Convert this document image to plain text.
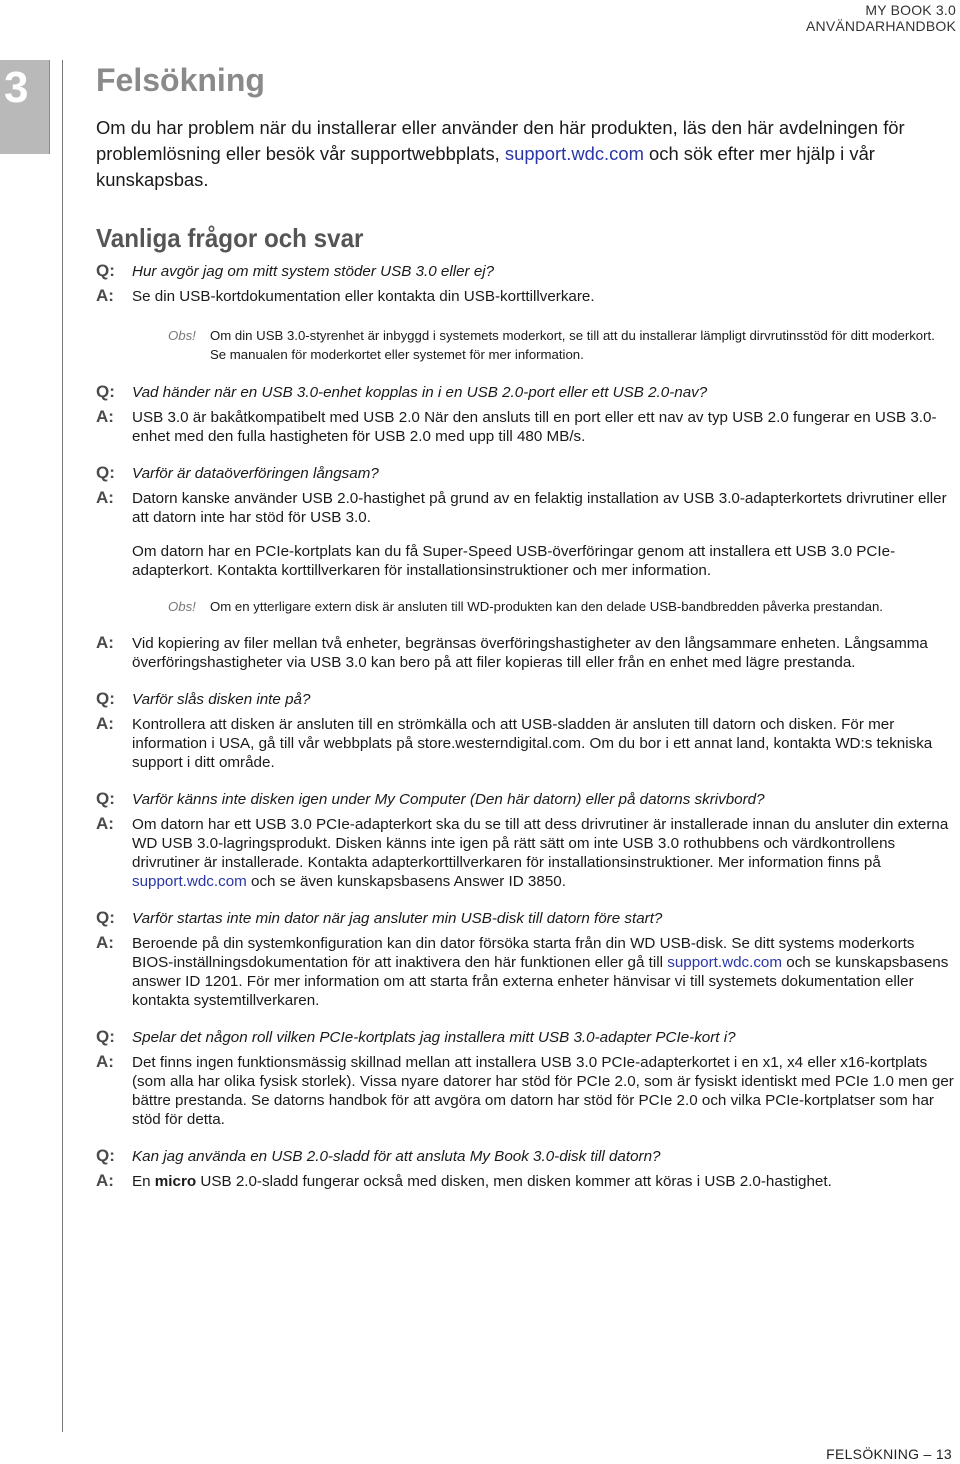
MY BOOK 3.0
ANVÄNDARHANDBOK
3 Felsökning

Om du har problem när du installerar eller använder den här produkten, läs den här avdelningen för problemlösning eller besök vår supportwebbplats, support.wdc.com och sök efter mer hjälp i vår kunskapsbas.

Vanliga frågor och svar
Q: Hur avgör jag om mitt system stöder USB 3.0 eller ej?
A: Se din USB-kortdokumentation eller kontakta din USB-korttillverkare.
Obs! Om din USB 3.0-styrenhet är inbyggd i systemets moderkort, se till att du installerar lämpligt dirvrutinsstöd för ditt moderkort. Se manualen för moderkortet eller systemet för mer information.
Q: Vad händer när en USB 3.0-enhet kopplas in i en USB 2.0-port eller ett USB 2.0-nav?
A: USB 3.0 är bakåtkompatibelt med USB 2.0 När den ansluts till en port eller ett nav av typ USB 2.0 fungerar en USB 3.0-enhet med den fulla hastigheten för USB 2.0 med upp till 480 MB/s.
Q: Varför är dataöverföringen långsam?
A: Datorn kanske använder USB 2.0-hastighet på grund av en felaktig installation av USB 3.0-adapterkortets drivrutiner eller att datorn inte har stöd för USB 3.0.
Om datorn har en PCIe-kortplats kan du få Super-Speed USB-överföringar genom att installera ett USB 3.0 PCIe-adapterkort. Kontakta korttillverkaren för installationsinstruktioner och mer information.
Obs! Om en ytterligare extern disk är ansluten till WD-produkten kan den delade USB-bandbredden påverka prestandan.
A: Vid kopiering av filer mellan två enheter, begränsas överföringshastigheter av den långsammare enheten. Långsamma överföringshastigheter via USB 3.0 kan bero på att filer kopieras till eller från en enhet med lägre prestanda.
Q: Varför slås disken inte på?
A: Kontrollera att disken är ansluten till en strömkälla och att USB-sladden är ansluten till datorn och disken. För mer information i USA, gå till vår webbplats på store.westerndigital.com. Om du bor i ett annat land, kontakta WD:s tekniska support i ditt område.
Q: Varför känns inte disken igen under My Computer (Den här datorn) eller på datorns skrivbord?
A: Om datorn har ett USB 3.0 PCIe-adapterkort ska du se till att dess drivrutiner är installerade innan du ansluter din externa WD USB 3.0-lagringsprodukt. Disken känns inte igen på rätt sätt om inte USB 3.0 rothubbens och värdkontrollens drivrutiner är installerade. Kontakta adapterkorttillverkaren för installationsinstruktioner. Mer information finns på support.wdc.com och se även kunskapsbasens Answer ID 3850.
Q: Varför startas inte min dator när jag ansluter min USB-disk till datorn före start?
A: Beroende på din systemkonfiguration kan din dator försöka starta från din WD USB-disk. Se ditt systems moderkorts BIOS-inställningsdokumentation för att inaktivera den här funktionen eller gå till support.wdc.com och se kunskapsbasens answer ID 1201. För mer information om att starta från externa enheter hänvisar vi till systemets dokumentation eller kontakta systemtillverkaren.
Q: Spelar det någon roll vilken PCIe-kortplats jag installera mitt USB 3.0-adapter PCIe-kort i?
A: Det finns ingen funktionsmässig skillnad mellan att installera USB 3.0 PCIe-adapterkortet i en x1, x4 eller x16-kortplats (som alla har olika fysisk storlek). Vissa nyare datorer har stöd för PCIe 2.0, som är fysiskt identiskt med PCIe 1.0 men ger bättre prestanda. Se datorns handbok för att avgöra om datorn har stöd för PCIe 2.0 och vilka PCIe-kortplatser som har stöd för detta.
Q: Kan jag använda en USB 2.0-sladd för att ansluta My Book 3.0-disk till datorn?
A: En micro USB 2.0-sladd fungerar också med disken, men disken kommer att köras i USB 2.0-hastighet.
FELSÖKNING – 13
